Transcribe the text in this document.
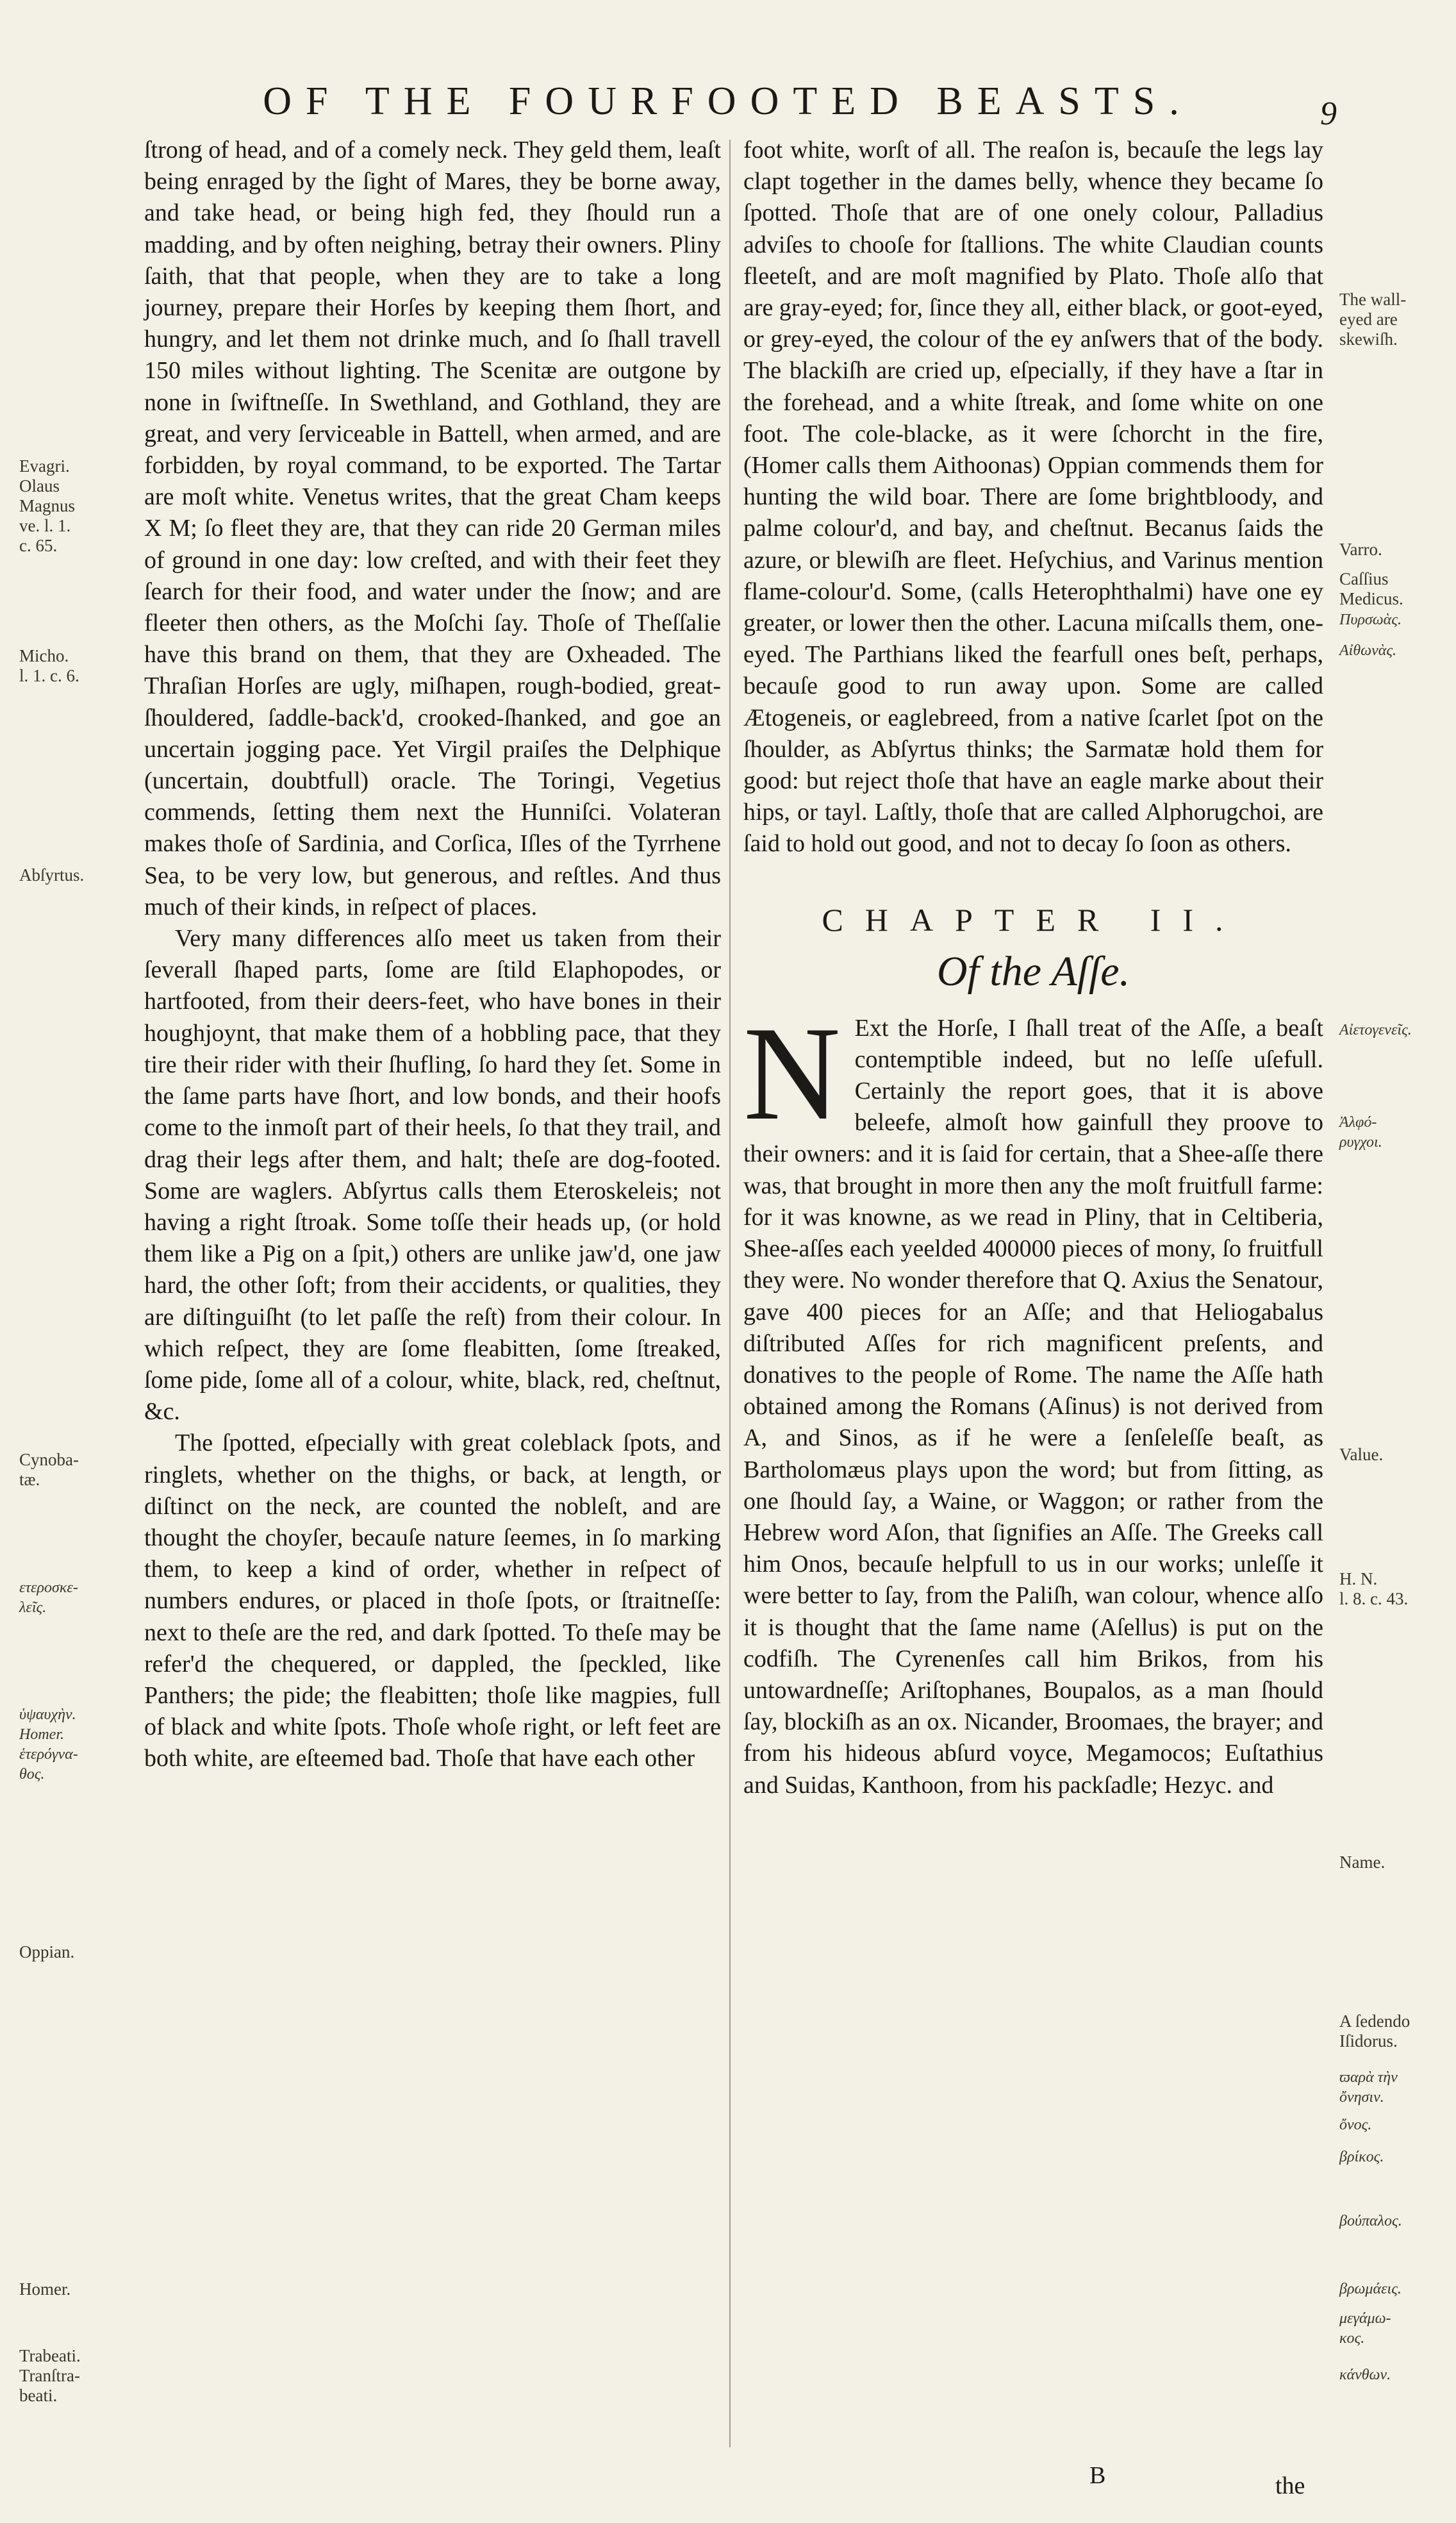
OF THE FOURFOOTED BEASTS.	9

ſtrong of head, and of a comely neck. They geld them, leaſt being enraged by the ſight of Mares, they be borne away, and take head, or being high fed, they ſhould run a madding, and by often neighing, betray their owners. Pliny ſaith, that that people, when they are to take a long journey, prepare their Horſes by keeping them ſhort, and hungry, and let them not drinke much, and ſo ſhall travell 150 miles without lighting. The Scenitæ are outgone by none in ſwiftneſſe. In Swethland, and Gothland, they are great, and very ſerviceable in Battell, when armed, and are forbidden, by royal command, to be exported. The Tartar are moſt white. Venetus writes, that the great Cham keeps X M; ſo fleet they are, that they can ride 20 German miles of ground in one day: low creſted, and with their feet they ſearch for their food, and water under the ſnow; and are fleeter then others, as the Moſchi ſay. Thoſe of Theſſalie have this brand on them, that they are Oxheaded. The Thraſian Horſes are ugly, miſhapen, rough-bodied, great-ſhouldered, ſaddle-back'd, crooked-ſhanked, and goe an uncertain jogging pace. Yet Virgil praiſes the Delphique (uncertain, doubtfull) oracle. The Toringi, Vegetius commends, ſetting them next the Hunniſci. Volateran makes thoſe of Sardinia, and Corſica, Iſles of the Tyrrhene Sea, to be very low, but generous, and reſtles. And thus much of their kinds, in reſpect of places.

Very many differences alſo meet us taken from their ſeverall ſhaped parts, ſome are ſtild Elaphopodes, or hartfooted, from their deers-feet, who have bones in their houghjoynt, that make them of a hobbling pace, that they tire their rider with their ſhufling, ſo hard they ſet. Some in the ſame parts have ſhort, and low bonds, and their hoofs come to the inmoſt part of their heels, ſo that they trail, and drag their legs after them, and halt; theſe are dog-footed. Some are waglers. Abſyrtus calls them Eteroskeleis; not having a right ſtroak. Some toſſe their heads up, (or hold them like a Pig on a ſpit,) others are unlike jaw'd, one jaw hard, the other ſoft; from their accidents, or qualities, they are diſtinguiſht (to let paſſe the reſt) from their colour. In which reſpect, they are ſome fleabitten, ſome ſtreaked, ſome pide, ſome all of a colour, white, black, red, cheſtnut, &c.

The ſpotted, eſpecially with great coleblack ſpots, and ringlets, whether on the thighs, or back, at length, or diſtinct on the neck, are counted the nobleſt, and are thought the choyſer, becauſe nature ſeemes, in ſo marking them, to keep a kind of order, whether in reſpect of numbers endures, or placed in thoſe ſpots, or ſtraitneſſe: next to theſe are the red, and dark ſpotted. To theſe may be refer'd the chequered, or dappled, the ſpeckled, like Panthers; the pide; the fleabitten; thoſe like magpies, full of black and white ſpots. Thoſe whoſe right, or left feet are both white, are eſteemed bad. Thoſe that have each other

foot white, worſt of all. The reaſon is, becauſe the legs lay clapt together in the dames belly, whence they became ſo ſpotted. Thoſe that are of one onely colour, Palladius adviſes to chooſe for ſtallions. The white Claudian counts fleeteſt, and are moſt magnified by Plato. Thoſe alſo that are gray-eyed; for, ſince they all, either black, or goot-eyed, or grey-eyed, the colour of the ey anſwers that of the body. The blackiſh are cried up, eſpecially, if they have a ſtar in the forehead, and a white ſtreak, and ſome white on one foot. The cole-blacke, as it were ſchorcht in the fire, (Homer calls them Aithoonas) Oppian commends them for hunting the wild boar. There are ſome brightbloody, and palme colour'd, and bay, and cheſtnut. Becanus ſaids the azure, or blewiſh are fleet. Heſychius, and Varinus mention flame-colour'd. Some, (calls Heterophthalmi) have one ey greater, or lower then the other. Lacuna miſcalls them, one-eyed. The Parthians liked the fearfull ones beſt, perhaps, becauſe good to run away upon. Some are called Ætogeneis, or eaglebreed, from a native ſcarlet ſpot on the ſhoulder, as Abſyrtus thinks; the Sarmatæ hold them for good: but reject thoſe that have an eagle marke about their hips, or tayl. Laſtly, thoſe that are called Alphorugchoi, are ſaid to hold out good, and not to decay ſo ſoon as others.

CHAPTER II.
Of the Aſſe.

N Ext the Horſe, I ſhall treat of the Aſſe, a beaſt contemptible indeed, but no leſſe uſefull. Certainly the report goes, that it is above beleefe, almoſt how gainfull they proove to their owners: and it is ſaid for certain, that a Shee-aſſe there was, that brought in more then any the moſt fruitfull farme: for it was knowne, as we read in Pliny, that in Celtiberia, Shee-aſſes each yeelded 400000 pieces of mony, ſo fruitfull they were. No wonder therefore that Q. Axius the Senatour, gave 400 pieces for an Aſſe; and that Heliogabalus diſtributed Aſſes for rich magnificent preſents, and donatives to the people of Rome. The name the Aſſe hath obtained among the Romans (Aſinus) is not derived from A, and Sinos, as if he were a ſenſeleſſe beaſt, as Bartholomæus plays upon the word; but from ſitting, as one ſhould ſay, a Waine, or Waggon; or rather from the Hebrew word Aſon, that ſignifies an Aſſe. The Greeks call him Onos, becauſe helpfull to us in our works; unleſſe it were better to ſay, from the Paliſh, wan colour, whence alſo it is thought that the ſame name (Aſellus) is put on the codfiſh. The Cyrenenſes call him Brikos, from his untowardneſſe; Ariſtophanes, Boupalos, as a man ſhould ſay, blockiſh as an ox. Nicander, Broomaes, the brayer; and from his hideous abſurd voyce, Megamocos; Euſtathius and Suidas, Kanthoon, from his packſadle; Hezyc. and

Evagri.
Olaus
Magnus
ve. l. 1.
c. 65.
Micho.
l. 1. c. 6.
Abſyrtus.
Cynoba-
tæ.
ετεροσκε-
λεῖς.
ὑψαυχὴν.
Homer.
ἑτερόγνα-
θος.
Oppian.
Homer.
Trabeati.
Tranſtra-
beati.
The wall-
eyed are
skewiſh.
Varro.
Caſſius
Medicus.
Πυρσωὰς.
Αἰθωνὰς.
Αἰετογενεῖς.
Ἀλφό-
ρυγχοι.
Value.
H. N.
l. 8. c. 43.
Name.
A ſedendo
Iſidorus.
ϖαρὰ τὴν
ὄνησιν.
ὄνος.
βρίκος.
βούπαλος.
βρωμάεις.
μεγάμω-
κος.
κάνθων.
B	the
